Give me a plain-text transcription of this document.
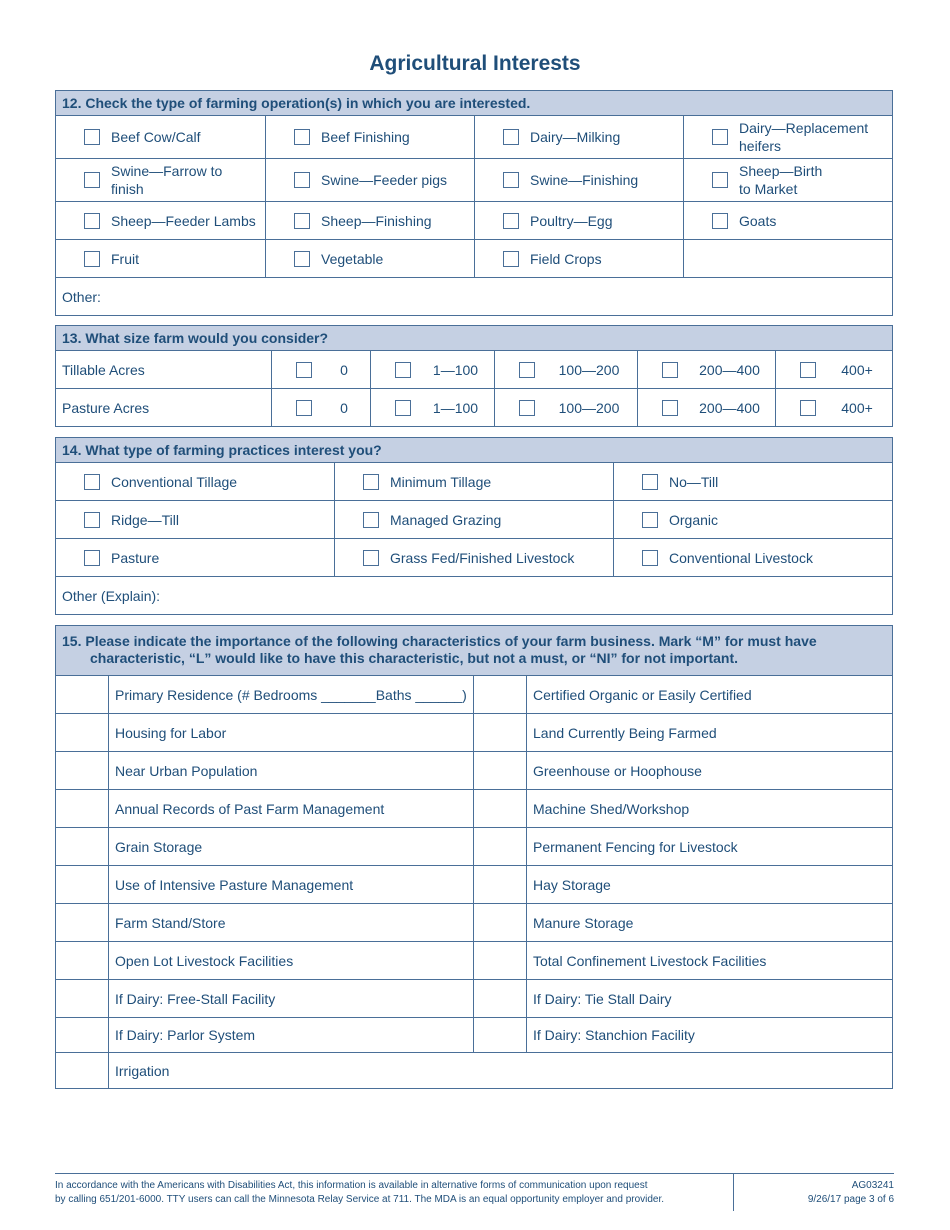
Agricultural Interests
12. Check the type of farming operation(s) in which you are interested.			

Beef Cow/Calf	Beef Finishing	Dairy—Milking	Dairy—Replacement heifers

Swine—Farrow to finish	Swine—Feeder pigs	Swine—Finishing	Sheep—Birth to Market

Sheep—Feeder Lambs	Sheep—Finishing	Poultry—Egg	Goats

Fruit	Vegetable	Field Crops	

Other:			
13. What size farm would you consider?					
Tillable Acres	0	1—100	100—200	200—400	400+

Pasture Acres	0	1—100	100—200	200—400	400+
14. What type of farming practices interest you?		

Conventional Tillage	Minimum Tillage	No—Till

Ridge—Till	Managed Grazing	Organic

Pasture	Grass Fed/Finished Livestock	Conventional Livestock

Other (Explain):		
15. Please indicate the importance of the following characteristics of your farm business. Mark “M” for must have
characteristic, “L” would like to have this characteristic, but not a must, or “NI” for not important.			

	Primary Residence (# Bedrooms _______Baths ______)		Certified Organic or Easily Certified
	Housing for Labor		Land Currently Being Farmed
	Near Urban Population		Greenhouse or Hoophouse
	Annual Records of Past Farm Management		Machine Shed/Workshop
	Grain Storage		Permanent Fencing for Livestock
	Use of Intensive Pasture Management		Hay Storage
	Farm Stand/Store		Manure Storage
	Open Lot Livestock Facilities		Total Confinement Livestock Facilities
	If Dairy: Free-Stall Facility		If Dairy: Tie Stall Dairy
	If Dairy: Parlor System		If Dairy: Stanchion Facility
	Irrigation		
In accordance with the Americans with Disabilities Act, this information is available in alternative forms of communication upon request
by calling 651/201-6000. TTY users can call the Minnesota Relay Service at 711. The MDA is an equal opportunity employer and provider.
AG03241
9/26/17 page 3 of 6
